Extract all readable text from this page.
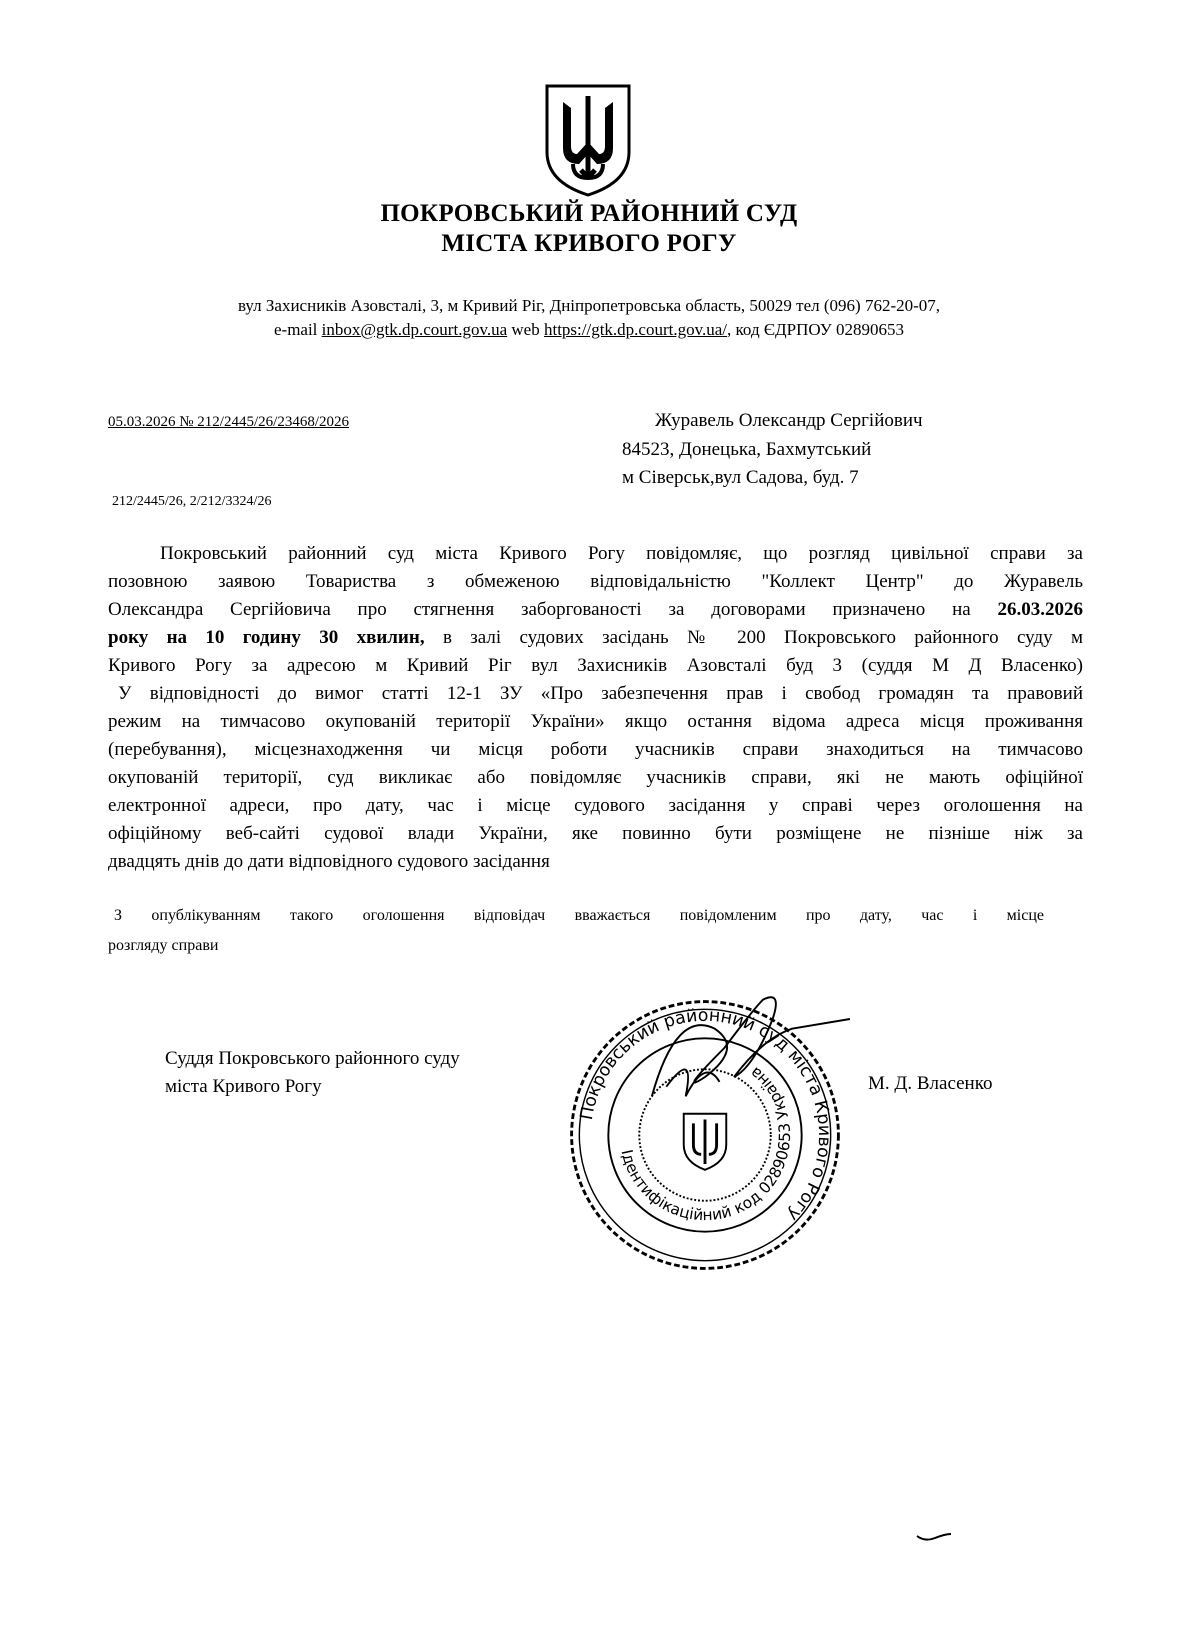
ПОКРОВСЬКИЙ РАЙОННИЙ СУД
МІСТА КРИВОГО РОГУ
вул Захисників Азовсталі, 3, м Кривий Ріг, Дніпропетровська область, 50029 тел (096) 762-20-07,
e-mail inbox@gtk.dp.court.gov.ua web https://gtk.dp.court.gov.ua/, код ЄДРПОУ 02890653
05.03.2026 № 212/2445/26/23468/2026
212/2445/26, 2/212/3324/26
Журавель Олександр Сергійович
84523, Донецька, Бахмутський
м Сіверськ,вул Садова, буд. 7
Покровський районний суд міста Кривого Рогу повідомляє, що розгляд цивільної справи за
позовною заявою Товариства з обмеженою відповідальністю "Коллект Центр" до Журавель
Олександра Сергійовича про стягнення заборгованості за договорами призначено на 26.03.2026
року на 10 годину 30 хвилин, в залі судових засідань № 200 Покровського районного суду м
Кривого Рогу за адресою м Кривий Ріг вул Захисників Азовсталі буд 3 (суддя М Д Власенко)
У відповідності до вимог статті 12-1 ЗУ «Про забезпечення прав і свобод громадян та правовий
режим на тимчасово окупованій території України» якщо остання відома адреса місця проживання
(перебування), місцезнаходження чи місця роботи учасників справи знаходиться на тимчасово
окупованій території, суд викликає або повідомляє учасників справи, які не мають офіційної
електронної адреси, про дату, час і місце судового засідання у справі через оголошення на
офіційному веб-сайті судової влади України, яке повинно бути розміщене не пізніше ніж за
двадцять днів до дати відповідного судового засідання
З опублікуванням такого оголошення відповідач вважається повідомленим про дату, час і місце
розгляду справи
Суддя Покровського районного суду
міста Кривого Рогу
Покровський районний суд міста Кривого Рогу
Ідентифікаційний код 02890653 Україна	М. Д. Власенко
